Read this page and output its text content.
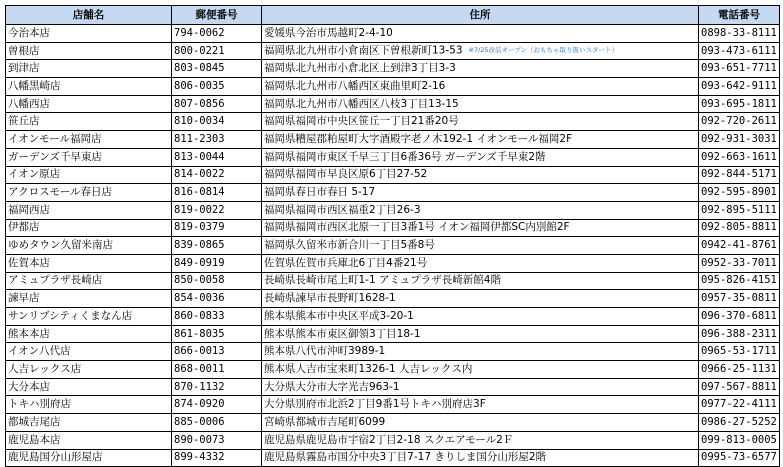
店舗名	郵便番号	住所	電話番号
今治本店	794-0062	愛媛県今治市馬越町2-4-10	0898-33-8111
曽根店	800-0221	福岡県北九州市小倉南区下曽根新町13-53 ※7/25改装オープン（おもちゃ取り扱いスタート）	093-473-6111
到津店	803-0845	福岡県北九州市小倉北区上到津3丁目3-3	093-651-7711
八幡黒崎店	806-0035	福岡県北九州市八幡西区東曲里町2-16	093-642-9111
八幡西店	807-0856	福岡県北九州市八幡西区八枝3丁目13-15	093-695-1811
笹丘店	810-0034	福岡県福岡市中央区笹丘一丁目21番20号	092-720-2611
イオンモール福岡店	811-2303	福岡県糟屋郡粕屋町大字酒殿字老ノ木192-1 イオンモール福岡2F	092-931-3031
ガーデンズ千早東店	813-0044	福岡県福岡市東区千早三丁目6番36号 ガーデンズ千早東2階	092-663-1611
イオン原店	814-0022	福岡県福岡市早良区原6丁目27-52	092-844-5171
アクロスモール春日店	816-0814	福岡県春日市春日 5-17	092-595-8901
福岡西店	819-0022	福岡県福岡市西区福重2丁目26-3	092-895-5111
伊都店	819-0379	福岡県福岡市西区北原一丁目3番1号 イオン福岡伊都SC内別館2F	092-805-8811
ゆめタウン久留米南店	839-0865	福岡県久留米市新合川一丁目5番8号	0942-41-8761
佐賀本店	849-0919	佐賀県佐賀市兵庫北6丁目4番21号	0952-33-7011
アミュプラザ長崎店	850-0058	長崎県長崎市尾上町1-1 アミュプラザ長崎新館4階	095-826-4151
諫早店	854-0036	長崎県諫早市長野町1628-1	0957-35-0811
サンリブシティくまなん店	860-0833	熊本県熊本市中央区平成3-20-1	096-370-6811
熊本本店	861-8035	熊本県熊本市東区御領3丁目18-1	096-388-2311
イオン八代店	866-0013	熊本県八代市沖町3989-1	0965-53-1711
人吉レックス店	868-0011	熊本県人吉市宝来町1326-1 人吉レックス内	0966-25-1131
大分本店	870-1132	大分県大分市大字光吉963-1	097-567-8811
トキハ別府店	874-0920	大分県別府市北浜2丁目9番1号トキハ別府店3F	0977-22-4111
都城吉尾店	885-0006	宮崎県都城市吉尾町6099	0986-27-5252
鹿児島本店	890-0073	鹿児島県鹿児島市宇宿2丁目2-18 スクエアモール2Ｆ	099-813-0005
鹿児島国分山形屋店	899-4332	鹿児島県霧島市国分中央3丁目7-17 きりしま国分山形屋2階	0995-73-6577
